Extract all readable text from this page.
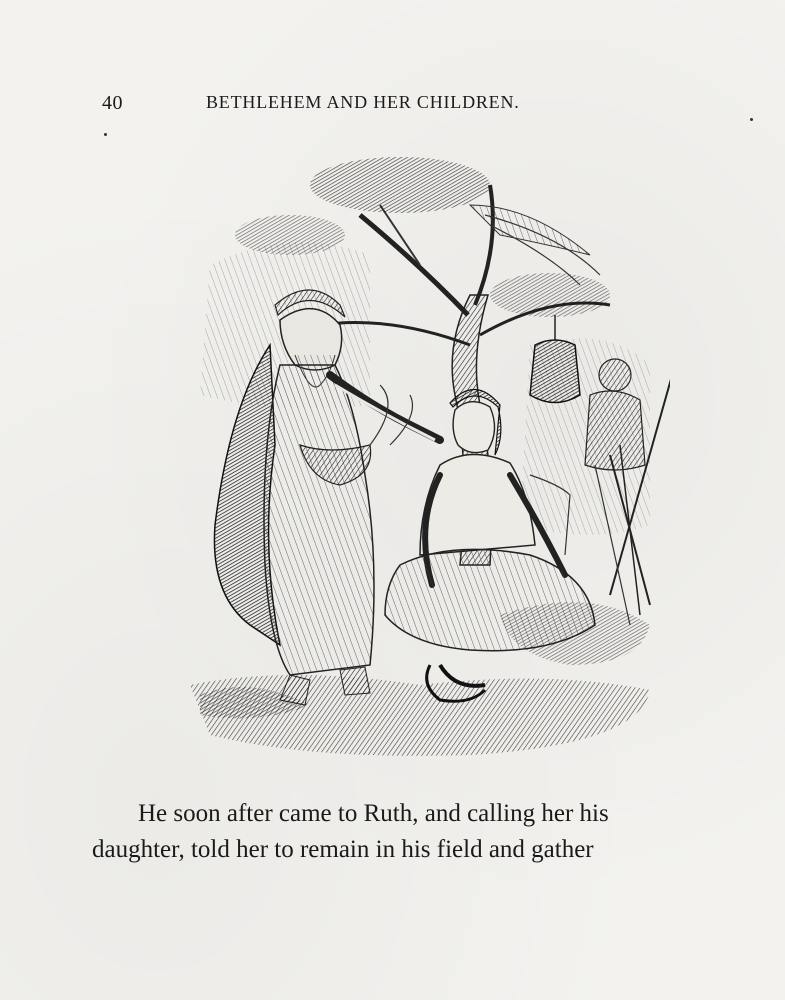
40	BETHLEHEM AND HER CHILDREN.
He soon after came to Ruth, and calling her his
daughter, told her to remain in his field and gather
